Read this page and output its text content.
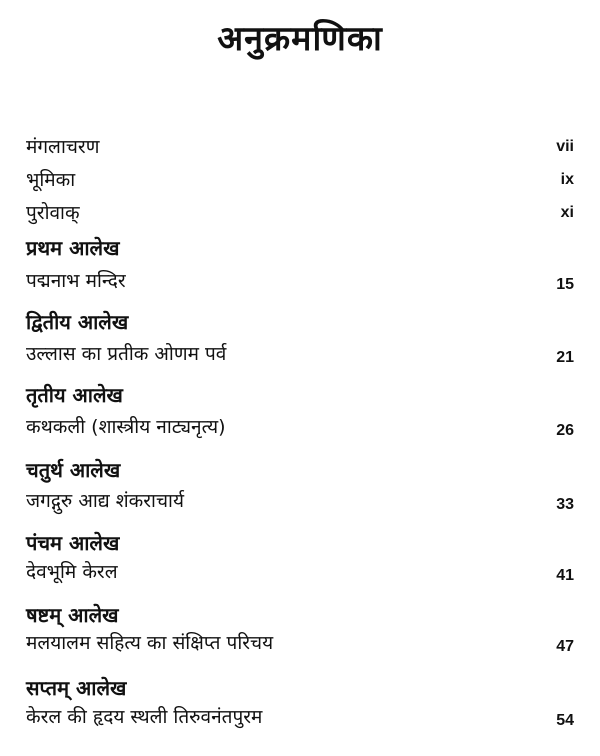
अनुक्रमणिका
मंगलाचरण	vii
भूमिका	ix
पुरोवाक्	xi
प्रथम आलेख
पद्मनाभ मन्दिर	15
द्वितीय आलेख
उल्लास का प्रतीक ओणम पर्व	21
तृतीय आलेख
कथकली (शास्त्रीय नाट्यनृत्य)	26
चतुर्थ आलेख
जगद्गुरु आद्य शंकराचार्य	33
पंचम आलेख
देवभूमि केरल	41
षष्टम् आलेख
मलयालम सहित्य का संक्षिप्त परिचय	47
सप्तम् आलेख
केरल की हृदय स्थली तिरुवनंतपुरम	54
